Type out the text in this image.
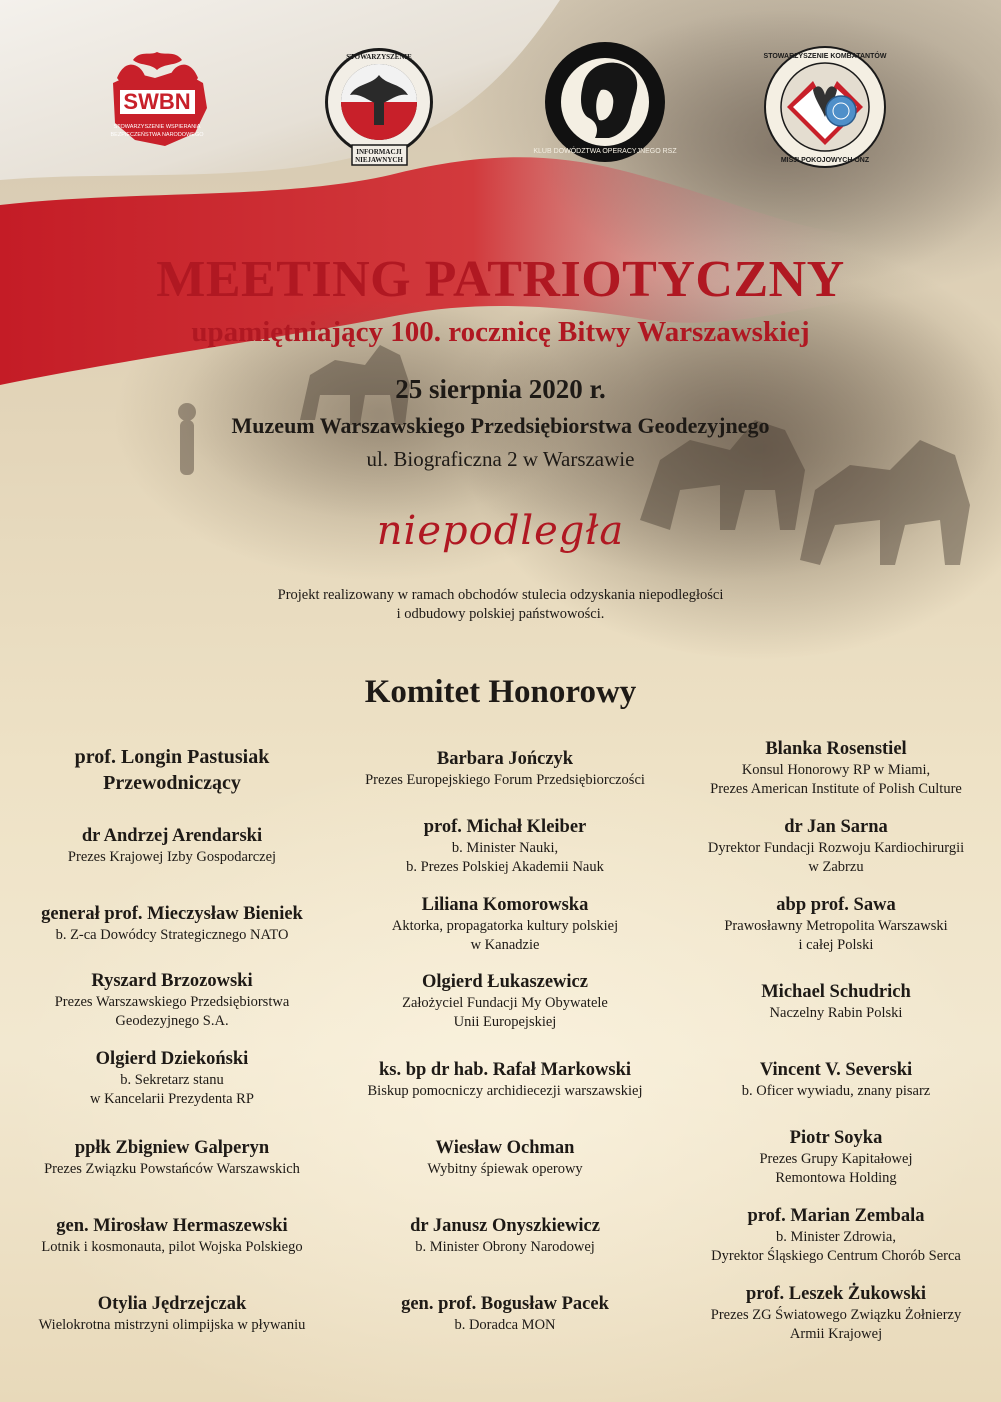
SWBN
STOWARZYSZENIE WSPIERANIA
BEZPIECZEŃSTWA NARODOWEGO
INFORMACJI
NIEJAWNYCH
STOWARZYSZENIE
KLUB DOWÓDZTWA OPERACYJNEGO RSZ
STOWARZYSZENIE KOMBATANTÓW
MISJI POKOJOWYCH ONZ
MEETING PATRIOTYCZNY
upamiętniający 100. rocznicę Bitwy Warszawskiej
25 sierpnia 2020 r.
Muzeum Warszawskiego Przedsiębiorstwa Geodezyjnego
ul. Biograficzna 2 w Warszawie
niepodległa
Projekt realizowany w ramach obchodów stulecia odzyskania niepodległości
i odbudowy polskiej państwowości.
Komitet Honorowy
prof. Longin Pastusiak
Przewodniczący
dr Andrzej Arendarski
Prezes Krajowej Izby Gospodarczej
generał prof. Mieczysław Bieniek
b. Z-ca Dowódcy Strategicznego NATO
Ryszard Brzozowski
Prezes Warszawskiego Przedsiębiorstwa
Geodezyjnego S.A.
Olgierd Dziekoński
b. Sekretarz stanu
w Kancelarii Prezydenta RP
ppłk Zbigniew Galperyn
Prezes Związku Powstańców Warszawskich
gen. Mirosław Hermaszewski
Lotnik i kosmonauta, pilot Wojska Polskiego
Otylia Jędrzejczak
Wielokrotna mistrzyni olimpijska w pływaniu
Barbara Jończyk
Prezes Europejskiego Forum Przedsiębiorczości
prof. Michał Kleiber
b. Minister Nauki,
b. Prezes Polskiej Akademii Nauk
Liliana Komorowska
Aktorka, propagatorka kultury polskiej
w Kanadzie
Olgierd Łukaszewicz
Założyciel Fundacji My Obywatele
Unii Europejskiej
ks. bp dr hab. Rafał Markowski
Biskup pomocniczy archidiecezji warszawskiej
Wiesław Ochman
Wybitny śpiewak operowy
dr Janusz Onyszkiewicz
b. Minister Obrony Narodowej
gen. prof. Bogusław Pacek
b. Doradca MON
Blanka Rosenstiel
Konsul Honorowy RP w Miami,
Prezes American Institute of Polish Culture
dr Jan Sarna
Dyrektor Fundacji Rozwoju Kardiochirurgii
w Zabrzu
abp prof. Sawa
Prawosławny Metropolita Warszawski
i całej Polski
Michael Schudrich
Naczelny Rabin Polski
Vincent V. Severski
b. Oficer wywiadu, znany pisarz
Piotr Soyka
Prezes Grupy Kapitałowej
Remontowa Holding
prof. Marian Zembala
b. Minister Zdrowia,
Dyrektor Śląskiego Centrum Chorób Serca
prof. Leszek Żukowski
Prezes ZG Światowego Związku Żołnierzy
Armii Krajowej
